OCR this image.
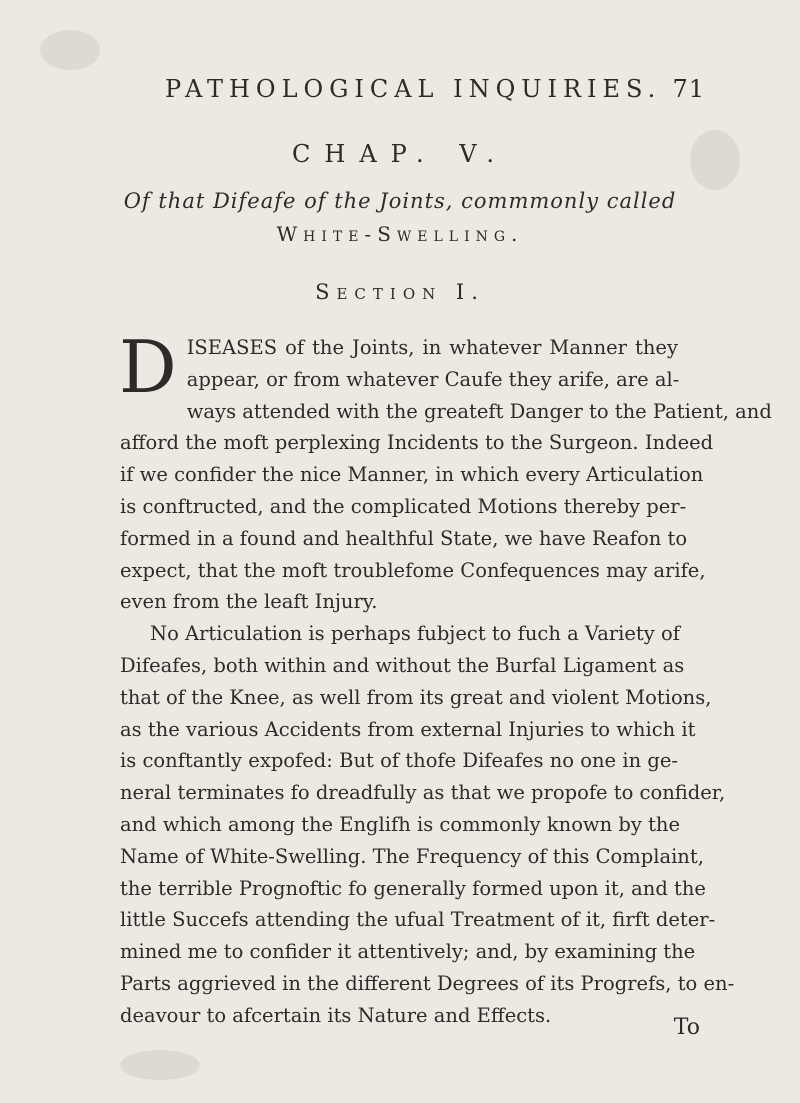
PATHOLOGICAL INQUIRIES. 71
CHAP. V.
Of that Difeafe of the Joints, commmonly called
White-Swelling.
Section I.
D ISEASES of the Joints, in whatever Manner they
appear, or from whatever Caufe they arife, are al-
ways attended with the greateft Danger to the Patient, and
afford the moft perplexing Incidents to the Surgeon. Indeed
if we confider the nice Manner, in which every Articulation
is conftructed, and the complicated Motions thereby per-
formed in a found and healthful State, we have Reafon to
expect, that the moft troublefome Confequences may arife,
even from the leaft Injury.
No Articulation is perhaps fubject to fuch a Variety of
Difeafes, both within and without the Burfal Ligament as
that of the Knee, as well from its great and violent Motions,
as the various Accidents from external Injuries to which it
is conftantly expofed: But of thofe Difeafes no one in ge-
neral terminates fo dreadfully as that we propofe to confider,
and which among the Englifh is commonly known by the
Name of White-Swelling. The Frequency of this Complaint,
the terrible Prognoftic fo generally formed upon it, and the
little Succefs attending the ufual Treatment of it, firft deter-
mined me to confider it attentively; and, by examining the
Parts aggrieved in the different Degrees of its Progrefs, to en-
deavour to afcertain its Nature and Effects.	To
